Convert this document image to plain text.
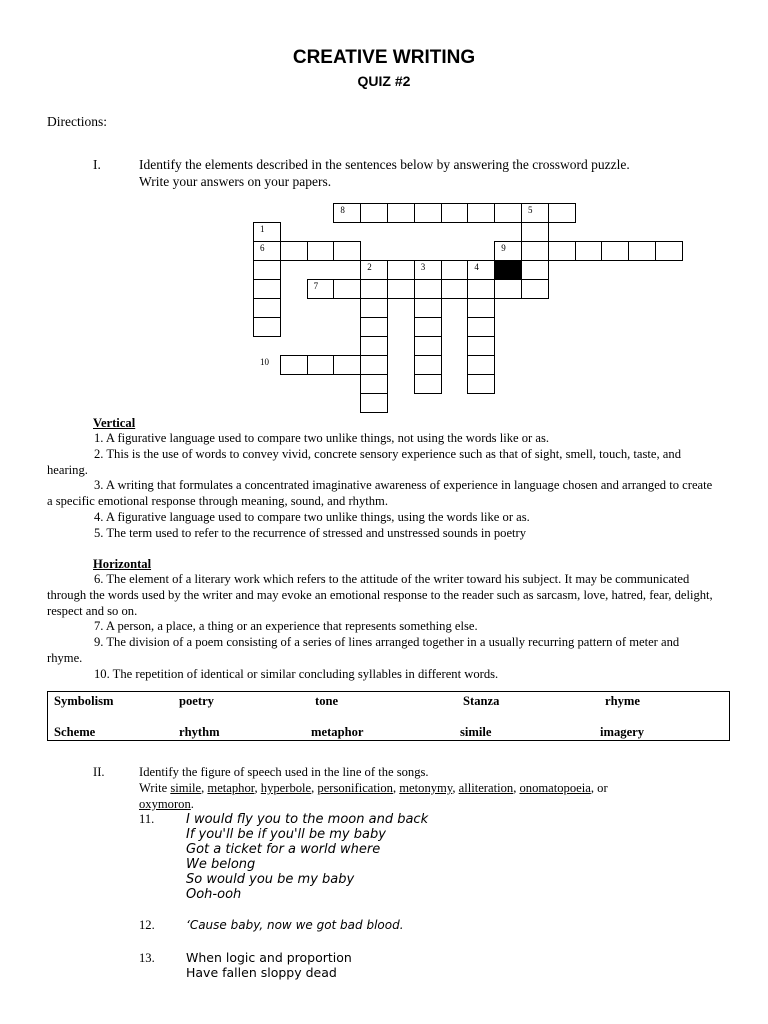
CREATIVE WRITING
QUIZ #2
Directions:
I.	Identify the elements described in the sentences below by answering the crossword puzzle.
Write your answers on your papers.
8	5
1
6	9
2	3	4
7
10
Vertical

1. A figurative language used to compare two unlike things, not using the words like or as.

2. This is the use of words to convey vivid, concrete sensory experience such as that of sight, smell, touch, taste, and hearing.

3. A writing that formulates a concentrated imaginative awareness of experience in language chosen and arranged to create a specific emotional response through meaning, sound, and rhythm.

4. A figurative language used to compare two unlike things, using the words like or as.

5. The term used to refer to the recurrence of stressed and unstressed sounds in poetry

Horizontal

6. The element of a literary work which refers to the attitude of the writer toward his subject. It may be communicated through the words used by the writer and may evoke an emotional response to the reader such as sarcasm, love, hatred, fear, delight, respect and so on.

7. A person, a place, a thing or an experience that represents something else.

9. The division of a poem consisting of a series of lines arranged together in a usually recurring pattern of meter and rhyme.

10. The repetition of identical or similar concluding syllables in different words.

Symbolism	poetry	tone	Stanza	rhyme
Scheme	rhythm	metaphor	simile	imagery
II.	Identify the figure of speech used in the line of the songs.
Write simile, metaphor, hyperbole, personification, metonymy, alliteration, onomatopoeia, or
oxymoron.
11. I would fly you to the moon and back
If you'll be if you'll be my baby
Got a ticket for a world where
We belong
So would you be my baby
Ooh-ooh
12.	‘Cause baby, now we got bad blood.
13.	When logic and proportion
Have fallen sloppy dead
